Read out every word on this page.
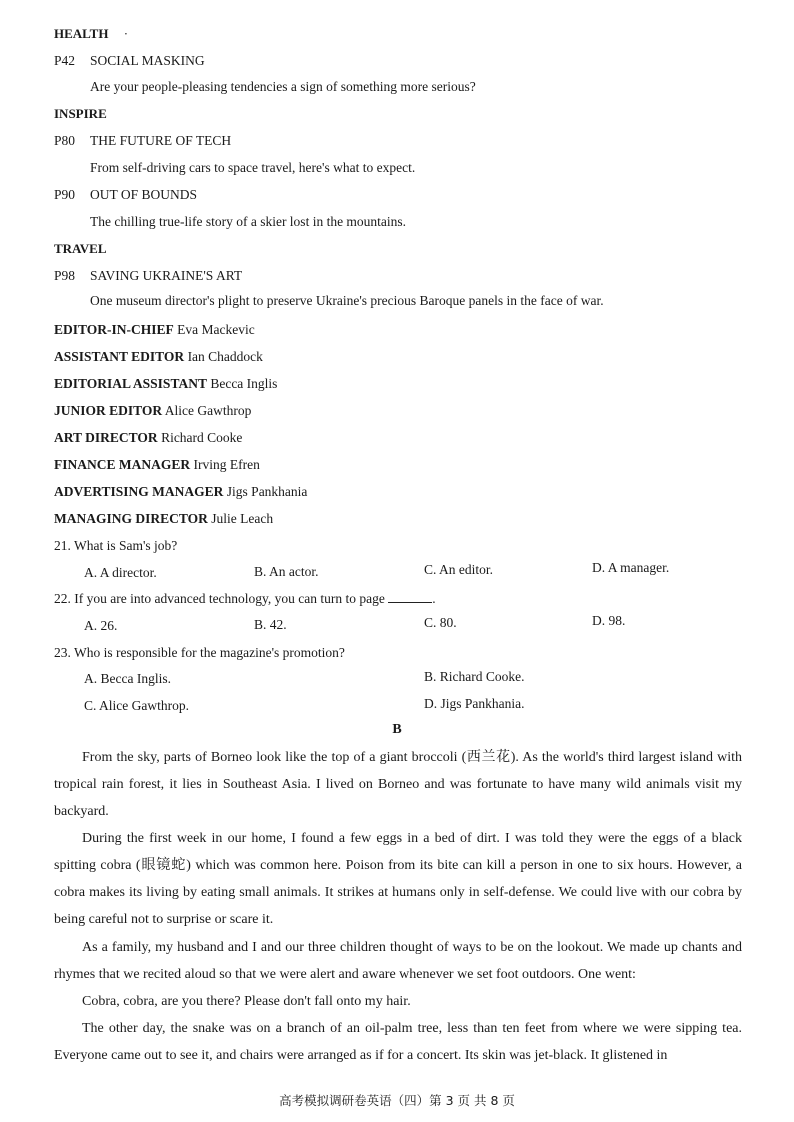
HEALTH ·
P42 SOCIAL MASKING
Are your people-pleasing tendencies a sign of something more serious?
INSPIRE
P80 THE FUTURE OF TECH
From self-driving cars to space travel, here's what to expect.
P90 OUT OF BOUNDS
The chilling true-life story of a skier lost in the mountains.
TRAVEL
P98 SAVING UKRAINE'S ART
One museum director's plight to preserve Ukraine's precious Baroque panels in the face of war.
EDITOR-IN-CHIEF Eva Mackevic
ASSISTANT EDITOR Ian Chaddock
EDITORIAL ASSISTANT Becca Inglis
JUNIOR EDITOR Alice Gawthrop
ART DIRECTOR Richard Cooke
FINANCE MANAGER Irving Efren
ADVERTISING MANAGER Jigs Pankhania
MANAGING DIRECTOR Julie Leach
21. What is Sam's job?
A. A director.	B. An actor.	C. An editor.	D. A manager.
22. If you are into advanced technology, you can turn to page	.
A. 26.	B. 42.	C. 80.	D. 98.
23. Who is responsible for the magazine's promotion?
A. Becca Inglis.	B. Richard Cooke.
C. Alice Gawthrop.	D. Jigs Pankhania.
B
From the sky, parts of Borneo look like the top of a giant broccoli (西兰花). As the world's third largest island with tropical rain forest, it lies in Southeast Asia. I lived on Borneo and was fortunate to have many wild animals visit my backyard.
During the first week in our home, I found a few eggs in a bed of dirt. I was told they were the eggs of a black spitting cobra (眼镜蛇) which was common here. Poison from its bite can kill a person in one to six hours. However, a cobra makes its living by eating small animals. It strikes at humans only in self-defense. We could live with our cobra by being careful not to surprise or scare it.
As a family, my husband and I and our three children thought of ways to be on the lookout. We made up chants and rhymes that we recited aloud so that we were alert and aware whenever we set foot outdoors. One went:
Cobra, cobra, are you there? Please don't fall onto my hair.
The other day, the snake was on a branch of an oil-palm tree, less than ten feet from where we were sipping tea. Everyone came out to see it, and chairs were arranged as if for a concert. Its skin was jet-black. It glistened in
高考模拟调研卷英语（四）第 3 页 共 8 页
